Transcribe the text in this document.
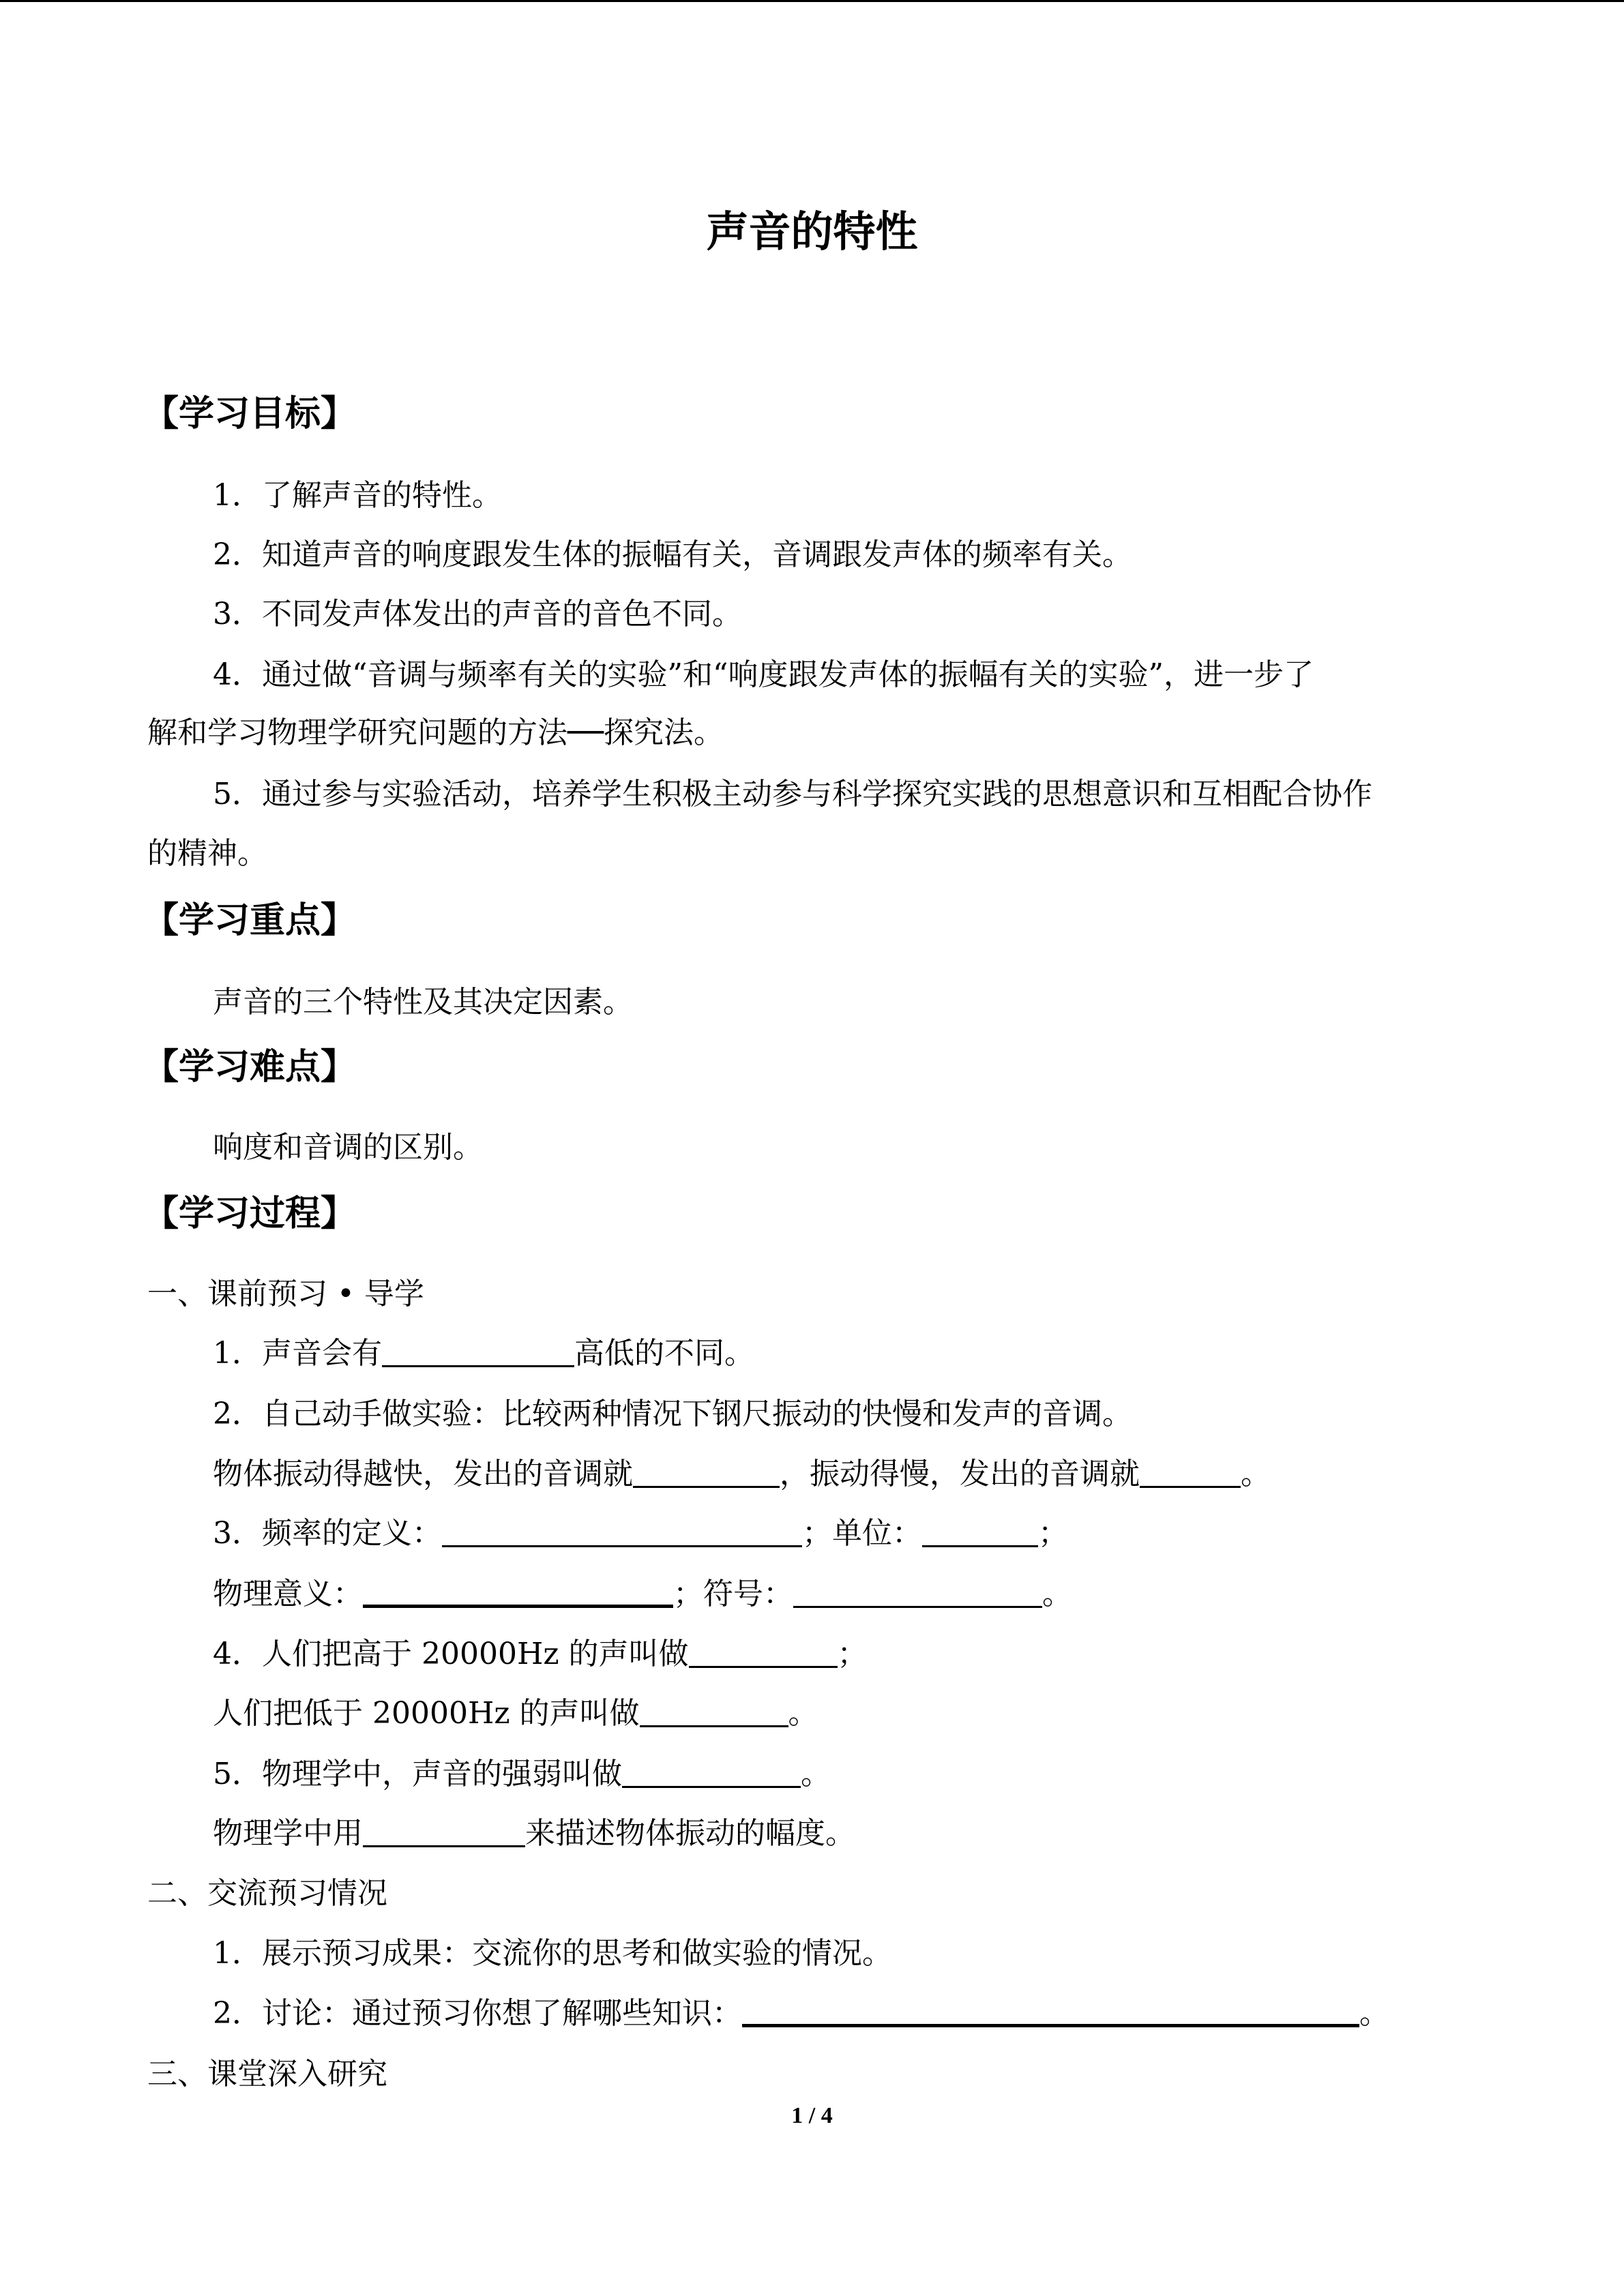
声音的特性
【学习目标】
1．了解声音的特性。
2．知道声音的响度跟发生体的振幅有关，音调跟发声体的频率有关。
3．不同发声体发出的声音的音色不同。
4．通过做“音调与频率有关的实验”和“响度跟发声体的振幅有关的实验”，进一步了
解和学习物理学研究问题的方法──探究法。
5．通过参与实验活动，培养学生积极主动参与科学探究实践的思想意识和互相配合协作
的精神。
【学习重点】
声音的三个特性及其决定因素。
【学习难点】
响度和音调的区别。
【学习过程】
一、课前预习 • 导学
1．声音会有	高低的不同。
2．自己动手做实验：比较两种情况下钢尺振动的快慢和发声的音调。
物体振动得越快，发出的音调就	，振动得慢，发出的音调就	。
3．频率的定义：	；单位：	；
物理意义：	；符号：	。
4．人们把高于 20000Hz 的声叫做	；
人们把低于 20000Hz 的声叫做	。
5．物理学中，声音的强弱叫做	。
物理学中用	来描述物体振动的幅度。
二、交流预习情况
1．展示预习成果：交流你的思考和做实验的情况。
2．讨论：通过预习你想了解哪些知识：	。
三、课堂深入研究
1 / 4
